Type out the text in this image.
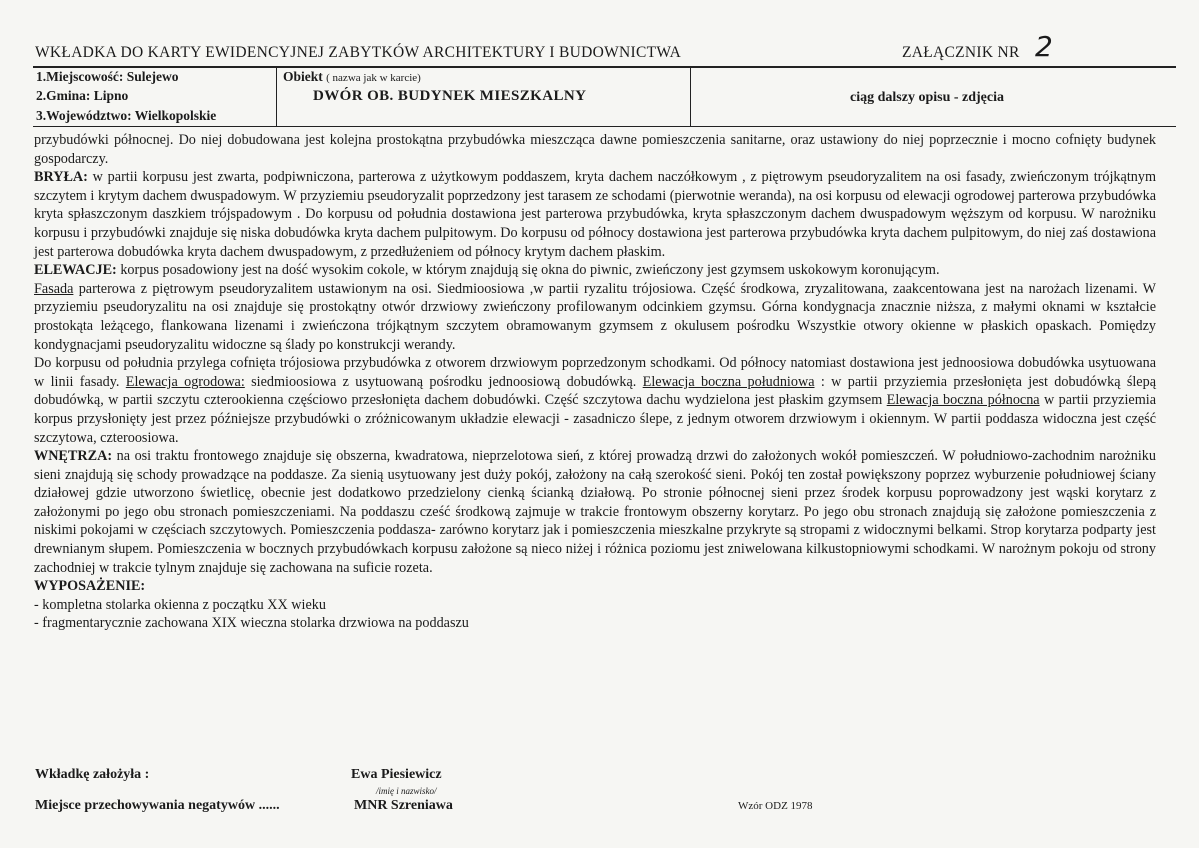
WKŁADKA DO KARTY EWIDENCYJNEJ ZABYTKÓW ARCHITEKTURY I BUDOWNICTWA	ZAŁĄCZNIK NR 2
1.Miejscowość: Sulejewo
2.Gmina: Lipno
3.Województwo: Wielkopolskie
Obiekt ( nazwa jak w karcie)
DWÓR OB. BUDYNEK MIESZKALNY	ciąg dalszy opisu - zdjęcia

przybudówki północnej. Do niej dobudowana jest kolejna prostokątna przybudówka mieszcząca dawne pomieszczenia sanitarne, oraz ustawiony do niej poprzecznie i mocno cofnięty budynek gospodarczy.

BRYŁA: w partii korpusu jest zwarta, podpiwniczona, parterowa z użytkowym poddaszem, kryta dachem naczółkowym , z piętrowym pseudoryzalitem na osi fasady, zwieńczonym trójkątnym szczytem i krytym dachem dwuspadowym. W przyziemiu pseudoryzalit poprzedzony jest tarasem ze schodami (pierwotnie weranda), na osi korpusu od elewacji ogrodowej parterowa przybudówka kryta spłaszczonym daszkiem trójspadowym . Do korpusu od południa dostawiona jest parterowa przybudówka, kryta spłaszczonym dachem dwuspadowym węższym od korpusu. W narożniku korpusu i przybudówki znajduje się niska dobudówka kryta dachem pulpitowym. Do korpusu od północy dostawiona jest parterowa przybudówka kryta dachem pulpitowym, do niej zaś dostawiona jest parterowa dobudówka kryta dachem dwuspadowym, z przedłużeniem od północy krytym dachem płaskim.

ELEWACJE: korpus posadowiony jest na dość wysokim cokole, w którym znajdują się okna do piwnic, zwieńczony jest gzymsem uskokowym koronującym.

Fasada parterowa z piętrowym pseudoryzalitem ustawionym na osi. Siedmioosiowa ,w partii ryzalitu trójosiowa. Część środkowa, zryzalitowana, zaakcentowana jest na narożach lizenami. W przyziemiu pseudoryzalitu na osi znajduje się prostokątny otwór drzwiowy zwieńczony profilowanym odcinkiem gzymsu. Górna kondygnacja znacznie niższa, z małymi oknami w kształcie prostokąta leżącego, flankowana lizenami i zwieńczona trójkątnym szczytem obramowanym gzymsem z okulusem pośrodku Wszystkie otwory okienne w płaskich opaskach. Pomiędzy kondygnacjami pseudoryzalitu widoczne są ślady po konstrukcji werandy.

Do korpusu od południa przylega cofnięta trójosiowa przybudówka z otworem drzwiowym poprzedzonym schodkami. Od północy natomiast dostawiona jest jednoosiowa dobudówka usytuowana w linii fasady. Elewacja ogrodowa: siedmioosiowa z usytuowaną pośrodku jednoosiową dobudówką. Elewacja boczna południowa : w partii przyziemia przesłonięta jest dobudówką ślepą dobudówką, w partii szczytu czterookienna częściowo przesłonięta dachem dobudówki. Część szczytowa dachu wydzielona jest płaskim gzymsem Elewacja boczna północna w partii przyziemia korpus przysłonięty jest przez późniejsze przybudówki o zróżnicowanym układzie elewacji - zasadniczo ślepe, z jednym otworem drzwiowym i okiennym. W partii poddasza widoczna jest część szczytowa, czteroosiowa.

WNĘTRZA: na osi traktu frontowego znajduje się obszerna, kwadratowa, nieprzelotowa sień, z której prowadzą drzwi do założonych wokół pomieszczeń. W południowo-zachodnim narożniku sieni znajdują się schody prowadzące na poddasze. Za sienią usytuowany jest duży pokój, założony na całą szerokość sieni. Pokój ten został powiększony poprzez wyburzenie południowej ściany działowej gdzie utworzono świetlicę, obecnie jest dodatkowo przedzielony cienką ścianką działową. Po stronie północnej sieni przez środek korpusu poprowadzony jest wąski korytarz z założonymi po jego obu stronach pomieszczeniami. Na poddaszu cześć środkową zajmuje w trakcie frontowym obszerny korytarz. Po jego obu stronach znajdują się założone pomieszczenia z niskimi pokojami w częściach szczytowych. Pomieszczenia poddasza- zarówno korytarz jak i pomieszczenia mieszkalne przykryte są stropami z widocznymi belkami. Strop korytarza podparty jest drewnianym słupem. Pomieszczenia w bocznych przybudówkach korpusu założone są nieco niżej i różnica poziomu jest zniwelowana kilkustopniowymi schodkami. W narożnym pokoju od strony zachodniej w trakcie tylnym znajduje się zachowana na suficie rozeta.

WYPOSAŻENIE:

- kompletna stolarka okienna z początku XX wieku

- fragmentarycznie zachowana XIX wieczna stolarka drzwiowa na poddaszu

Wkładkę założyła :	Ewa Piesiewicz
/imię i nazwisko/
Miejsce przechowywania negatywów ......	MNR Szreniawa	Wzór ODZ 1978
